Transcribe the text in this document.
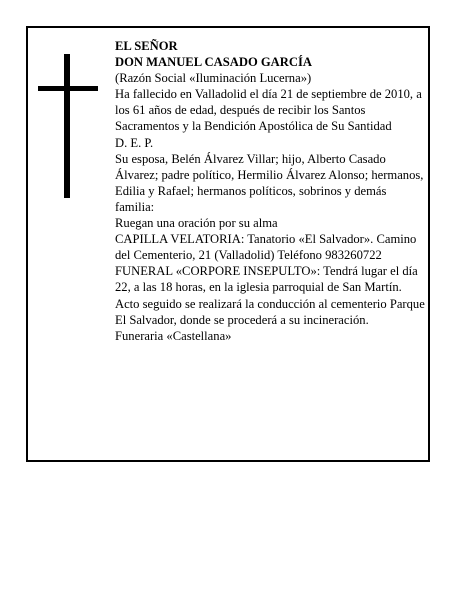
EL SEÑOR
DON MANUEL CASADO GARCÍA
(Razón Social «Iluminación Lucerna»)
Ha fallecido en Valladolid el día 21 de septiembre de 2010, a los 61 años de edad, después de recibir los Santos Sacramentos y la Bendición Apostólica de Su Santidad
D. E. P.
Su esposa, Belén Álvarez Villar; hijo, Alberto Casado Álvarez; padre político, Hermilio Álvarez Alonso; hermanos, Edilia y Rafael; hermanos políticos, sobrinos y demás familia:
Ruegan una oración por su alma
CAPILLA VELATORIA: Tanatorio «El Salvador». Camino del Cementerio, 21 (Valladolid) Teléfono 983260722
FUNERAL «CORPORE INSEPULTO»: Tendrá lugar el día 22, a las 18 horas, en la iglesia parroquial de San Martín. Acto seguido se realizará la conducción al cementerio Parque El Salvador, donde se procederá a su incineración.
Funeraria «Castellana»
